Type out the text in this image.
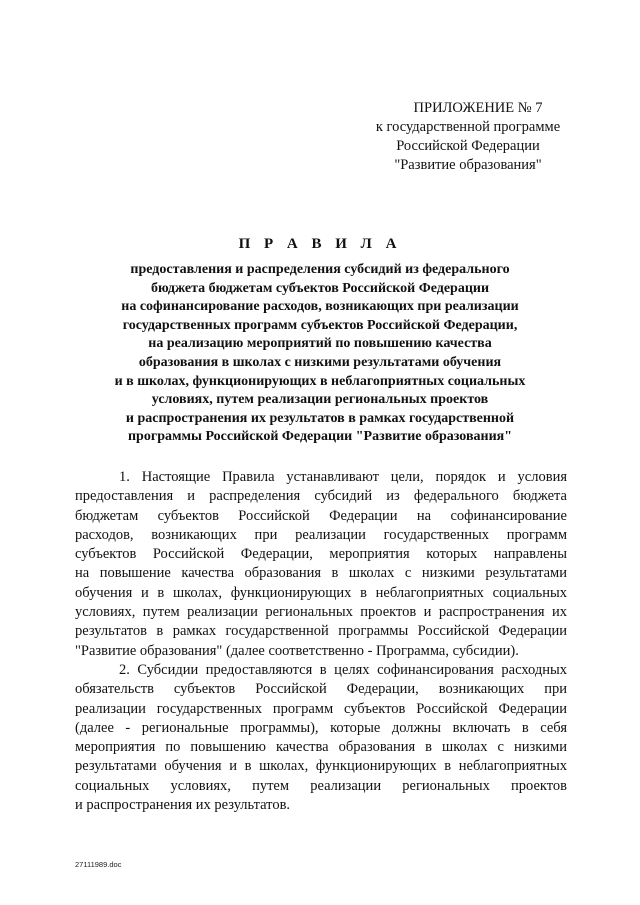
ПРИЛОЖЕНИЕ № 7
к государственной программе
Российской Федерации
"Развитие образования"
П Р А В И Л А
предоставления и распределения субсидий из федерального
бюджета бюджетам субъектов Российской Федерации
на софинансирование расходов, возникающих при реализации
государственных программ субъектов Российской Федерации,
на реализацию мероприятий по повышению качества
образования в школах с низкими результатами обучения
и в школах, функционирующих в неблагоприятных социальных
условиях, путем реализации региональных проектов
и распространения их результатов в рамках государственной
программы Российской Федерации "Развитие образования"
1. Настоящие Правила устанавливают цели, порядок и условия
предоставления и распределения субсидий из федерального бюджета
бюджетам субъектов Российской Федерации на софинансирование
расходов, возникающих при реализации государственных программ
субъектов Российской Федерации, мероприятия которых направлены
на повышение качества образования в школах с низкими результатами
обучения и в школах, функционирующих в неблагоприятных социальных
условиях, путем реализации региональных проектов и распространения их
результатов в рамках государственной программы Российской Федерации
"Развитие образования" (далее соответственно - Программа, субсидии).
2. Субсидии предоставляются в целях софинансирования расходных
обязательств субъектов Российской Федерации, возникающих при
реализации государственных программ субъектов Российской Федерации
(далее - региональные программы), которые должны включать в себя
мероприятия по повышению качества образования в школах с низкими
результатами обучения и в школах, функционирующих в неблагоприятных
социальных условиях, путем реализации региональных проектов
и распространения их результатов.
27111989.doc
